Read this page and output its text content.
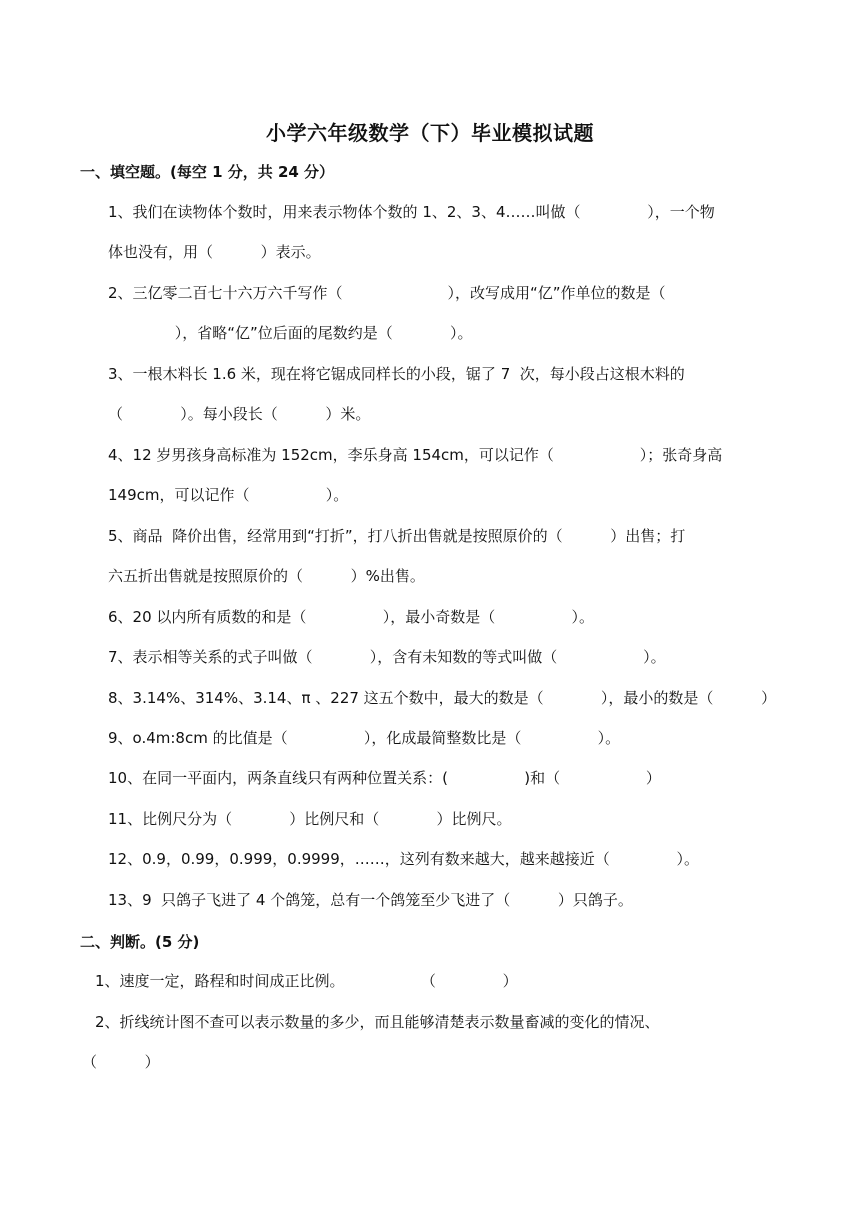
小学六年级数学（下）毕业模拟试题
一、填空题。(每空 1 分，共 24 分）
1、我们在读物体个数时，用来表示物体个数的 1、2、3、4……叫做（              ），一个物
体也没有，用（          ）表示。
2、三亿零二百七十六万六千写作（                      ），改写成用“亿”作单位的数是（
），省略“亿”位后面的尾数约是（            ）。
3、一根木料长 1.6 米，现在将它锯成同样长的小段，锯了 7  次，每小段占这根木料的
（            ）。每小段长（          ）米。
4、12 岁男孩身高标准为 152cm，李乐身高 154cm，可以记作（                  ）；张奇身高
149cm，可以记作（                ）。
5、商品  降价出售，经常用到“打折”，打八折出售就是按照原价的（          ）出售；打
六五折出售就是按照原价的（          ）%出售。
6、20 以内所有质数的和是（                ），最小奇数是（                ）。
7、表示相等关系的式子叫做（            ），含有未知数的等式叫做（                  ）。
8、3.14%、314%、3.14、π 、227 这五个数中，最大的数是（            ），最小的数是（          ）
9、o.4m:8cm 的比值是（                ），化成最简整数比是（                ）。
10、在同一平面内，两条直线只有两种位置关系：(                )和（                  ）
11、比例尺分为（            ）比例尺和（            ）比例尺。
12、0.9，0.99，0.999，0.9999，……，这列有数来越大，越来越接近（              ）。
13、9  只鸽子飞进了 4 个鸽笼，总有一个鸽笼至少飞进了（          ）只鸽子。
二、判断。(5 分)
1、速度一定，路程和时间成正比例。                （              ）
2、折线统计图不查可以表示数量的多少，而且能够清楚表示数量畜减的变化的情况、
（          ）
